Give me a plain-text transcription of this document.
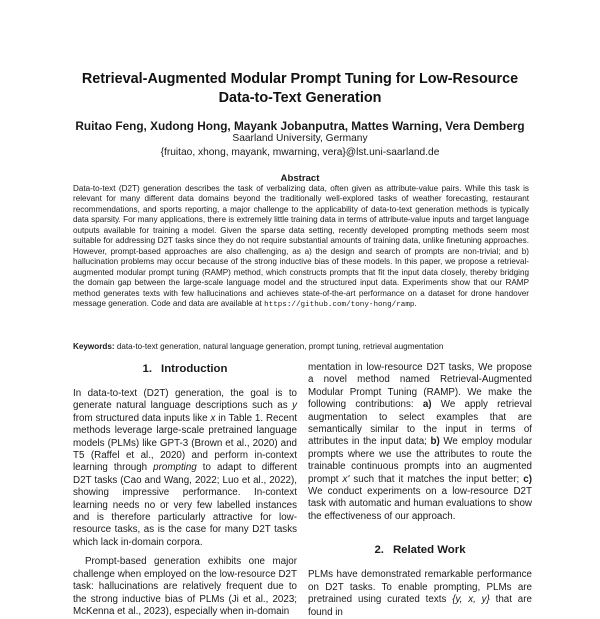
Retrieval-Augmented Modular Prompt Tuning for Low-Resource
Data-to-Text Generation
Ruitao Feng, Xudong Hong, Mayank Jobanputra, Mattes Warning, Vera Demberg
Saarland University, Germany
{fruitao, xhong, mayank, mwarning, vera}@lst.uni-saarland.de
Abstract
Data-to-text (D2T) generation describes the task of verbalizing data, often given as attribute-value pairs. While this task is relevant for many different data domains beyond the traditionally well-explored tasks of weather forecasting, restaurant recommendations, and sports reporting, a major challenge to the applicability of data-to-text generation methods is typically data sparsity. For many applications, there is extremely little training data in terms of attribute-value inputs and target language outputs available for training a model. Given the sparse data setting, recently developed prompting methods seem most suitable for addressing D2T tasks since they do not require substantial amounts of training data, unlike finetuning approaches. However, prompt-based approaches are also challenging, as a) the design and search of prompts are non-trivial; and b) hallucination problems may occur because of the strong inductive bias of these models. In this paper, we propose a retrieval-augmented modular prompt tuning (RAMP) method, which constructs prompts that fit the input data closely, thereby bridging the domain gap between the large-scale language model and the structured input data. Experiments show that our RAMP method generates texts with few hallucinations and achieves state-of-the-art performance on a dataset for drone handover message generation. Code and data are available at https://github.com/tony-hong/ramp.
Keywords: data-to-text generation, natural language generation, prompt tuning, retrieval augmentation
1. Introduction

In data-to-text (D2T) generation, the goal is to generate natural language descriptions such as y from structured data inputs like x in Table 1. Recent methods leverage large-scale pretrained language models (PLMs) like GPT-3 (Brown et al., 2020) and T5 (Raffel et al., 2020) and perform in-context learning through prompting to adapt to different D2T tasks (Cao and Wang, 2022; Luo et al., 2022), showing impressive performance. In-context learning needs no or very few labelled instances and is therefore particularly attractive for low-resource tasks, as is the case for many D2T tasks which lack in-domain corpora.

Prompt-based generation exhibits one major challenge when employed on the low-resource D2T task: hallucinations are relatively frequent due to the strong inductive bias of PLMs (Ji et al., 2023; McKenna et al., 2023), especially when in-domain

mentation in low-resource D2T tasks, We propose a novel method named Retrieval-Augmented Modular Prompt Tuning (RAMP). We make the following contributions: a) We apply retrieval augmentation to select examples that are semantically similar to the input in terms of attributes in the input data; b) We employ modular prompts where we use the attributes to route the trainable continuous prompts into an augmented prompt x' such that it matches the input better; c) We conduct experiments on a low-resource D2T task with automatic and human evaluations to show the effectiveness of our approach.

2. Related Work

PLMs have demonstrated remarkable performance on D2T tasks. To enable prompting, PLMs are pretrained using curated texts {y, x, y} that are found in
